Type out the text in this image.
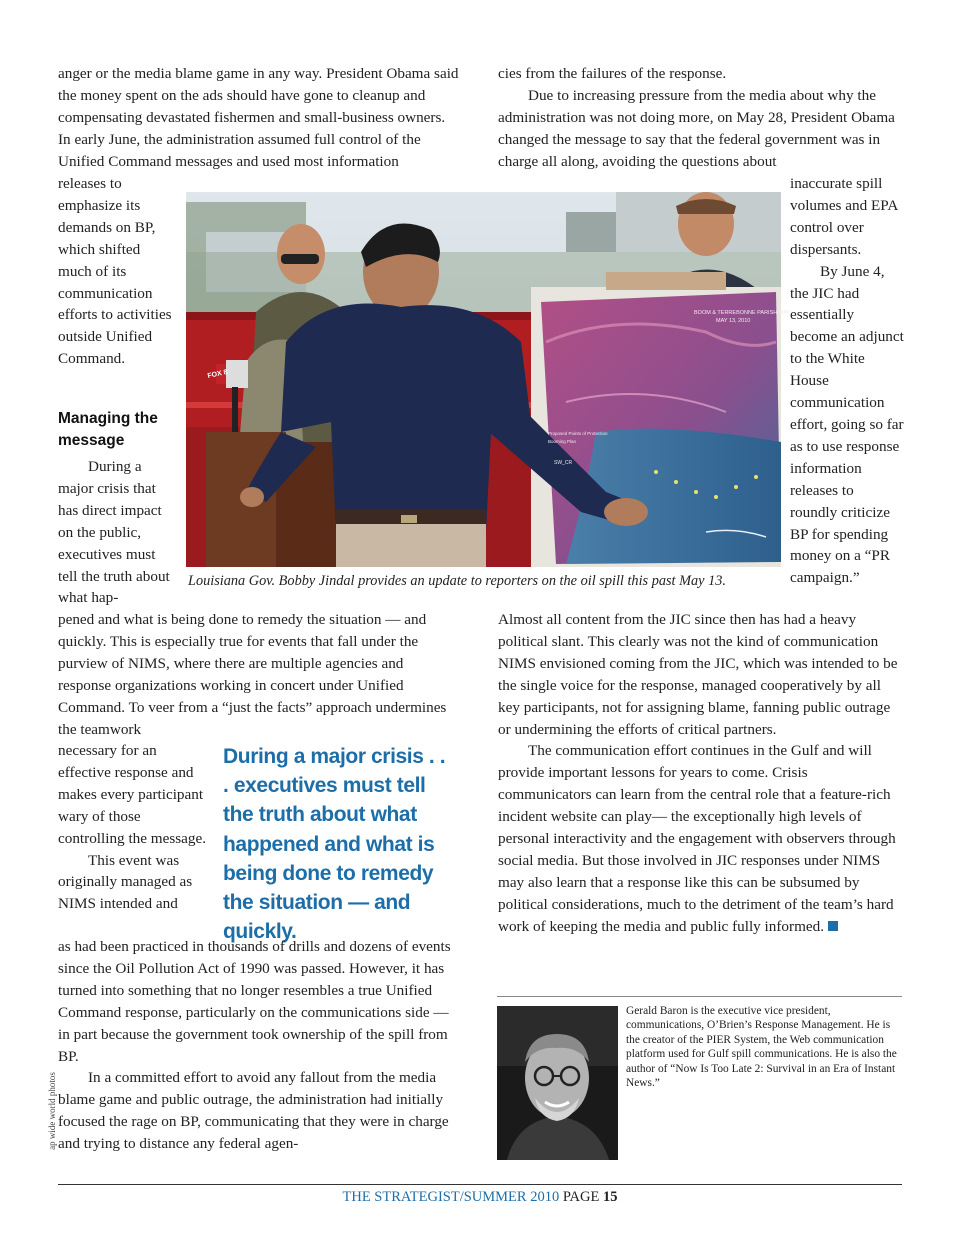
anger or the media blame game in any way. President Obama said the money spent on the ads should have gone to cleanup and compensating devastated fishermen and small-business owners. In early June, the administration assumed full control of the Unified Command messages and used most information

releases to emphasize its demands on BP, which shifted much of its communication efforts to activities outside Unified Command.

Managing the message

During a major crisis that has direct impact on the public, executives must tell the truth about what hap-

pened and what is being done to remedy the situation — and quickly. This is especially true for events that fall under the purview of NIMS, where there are multiple agencies and response organizations working in concert under Unified Command. To veer from a “just the facts” approach undermines the teamwork

necessary for an effective response and makes every participant wary of those controlling the message.

This event was originally managed as NIMS intended and

During a major crisis . . . executives must tell the truth about what happened and what is being done to remedy the situation — and quickly.

as had been practiced in thousands of drills and dozens of events since the Oil Pollution Act of 1990 was passed. However, it has turned into something that no longer resembles a true Unified Command response, particularly on the communications side — in part because the government took ownership of the spill from BP.

In a committed effort to avoid any fallout from the media blame game and public outrage, the administration had initially focused the rage on BP, communicating that they were in charge and trying to distance any federal agen-

cies from the failures of the response.

Due to increasing pressure from the media about why the administration was not doing more, on May 28, President Obama changed the message to say that the federal government was in charge all along, avoiding the questions about

inaccurate spill volumes and EPA control over dispersants.

By June 4, the JIC had essentially become an adjunct to the White House communication effort, going so far as to use response information releases to roundly criticize BP for spending money on a “PR campaign.”

Almost all content from the JIC since then has had a heavy political slant. This clearly was not the kind of communication NIMS envisioned coming from the JIC, which was intended to be the single voice for the response, managed cooperatively by all key participants, not for assigning blame, fanning public outrage or undermining the efforts of critical partners.

The communication effort continues in the Gulf and will provide important lessons for years to come. Crisis communicators can learn from the central role that a feature-rich incident website can play— the exceptionally high levels of personal interactivity and the engagement with observers through social media. But those involved in JIC responses under NIMS may also learn that a response like this can be subsumed by political considerations, much to the detriment of the team’s hard work of keeping the media and public fully informed.

BOOM & TERREBONNE PARISH MAP
MAY 13, 2010
Proposed Points of Protection
Booming Plan
SW_CR
FOX 8
Louisiana Gov. Bobby Jindal provides an update to reporters on the oil spill this past May 13.
ap wide world photos
Gerald Baron is the executive vice president, communications, O’Brien’s Response Management. He is the creator of the PIER System, the Web communication platform used for Gulf spill communications. He is also the author of “Now Is Too Late 2: Survival in an Era of Instant News.”
THE STRATEGIST/SUMMER 2010 PAGE 15
